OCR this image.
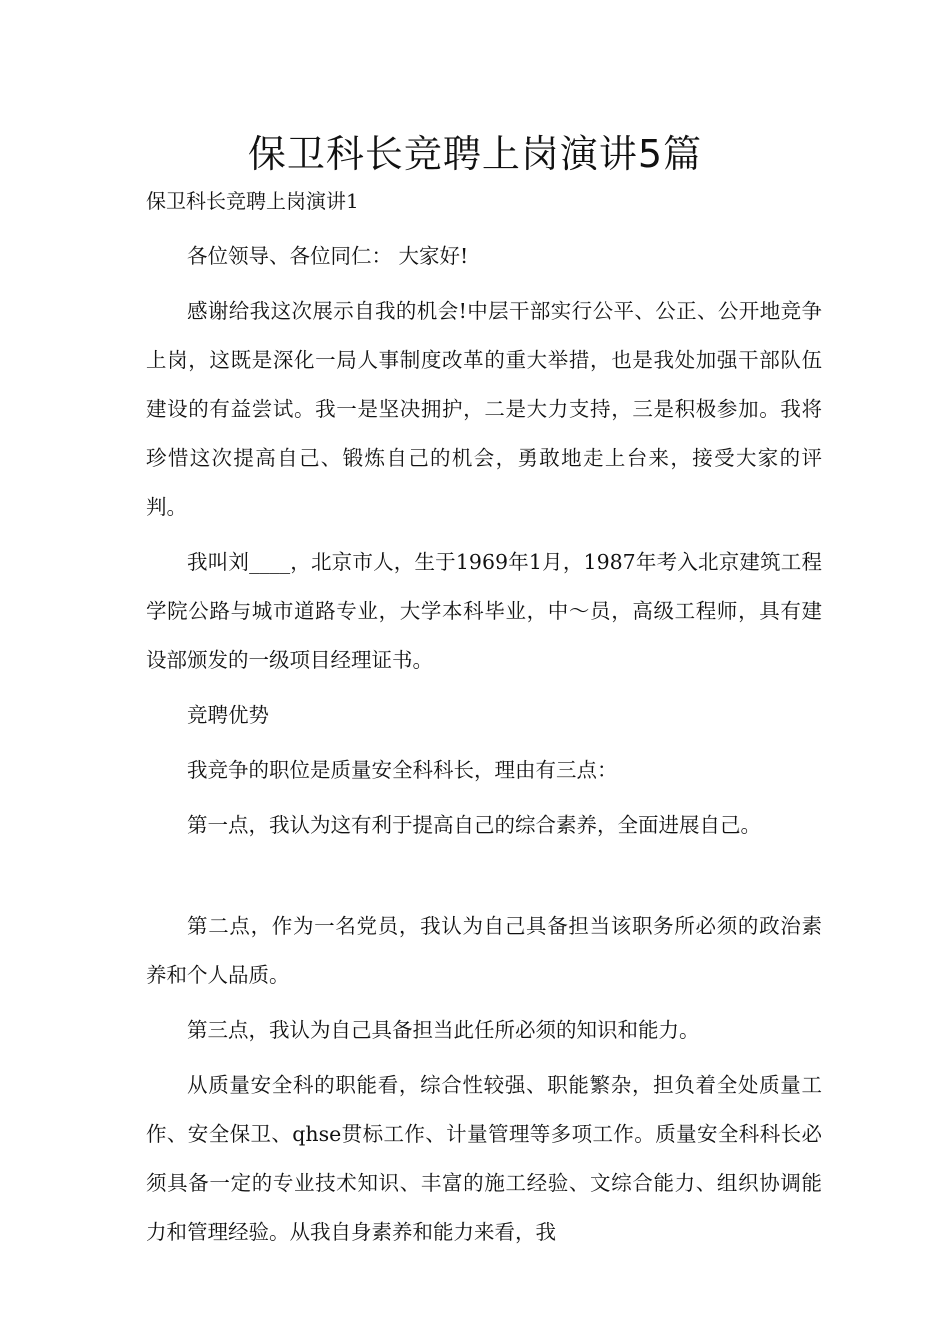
保卫科长竞聘上岗演讲5篇

保卫科长竞聘上岗演讲1

各位领导、各位同仁： 大家好!

感谢给我这次展示自我的机会!中层干部实行公平、公正、公开地竞争上岗，这既是深化一局人事制度改革的重大举措，也是我处加强干部队伍建设的有益尝试。我一是坚决拥护，二是大力支持，三是积极参加。我将珍惜这次提高自己、锻炼自己的机会，勇敢地走上台来，接受大家的评判。

我叫刘____，北京市人，生于1969年1月，1987年考入北京建筑工程学院公路与城市道路专业，大学本科毕业，中～员，高级工程师，具有建设部颁发的一级项目经理证书。

竞聘优势

我竞争的职位是质量安全科科长，理由有三点：

第一点，我认为这有利于提高自己的综合素养，全面进展自己。

第二点，作为一名党员，我认为自己具备担当该职务所必须的政治素养和个人品质。

第三点，我认为自己具备担当此任所必须的知识和能力。

从质量安全科的职能看，综合性较强、职能繁杂，担负着全处质量工作、安全保卫、qhse贯标工作、计量管理等多项工作。质量安全科科长必须具备一定的专业技术知识、丰富的施工经验、文综合能力、组织协调能力和管理经验。从我自身素养和能力来看，我
